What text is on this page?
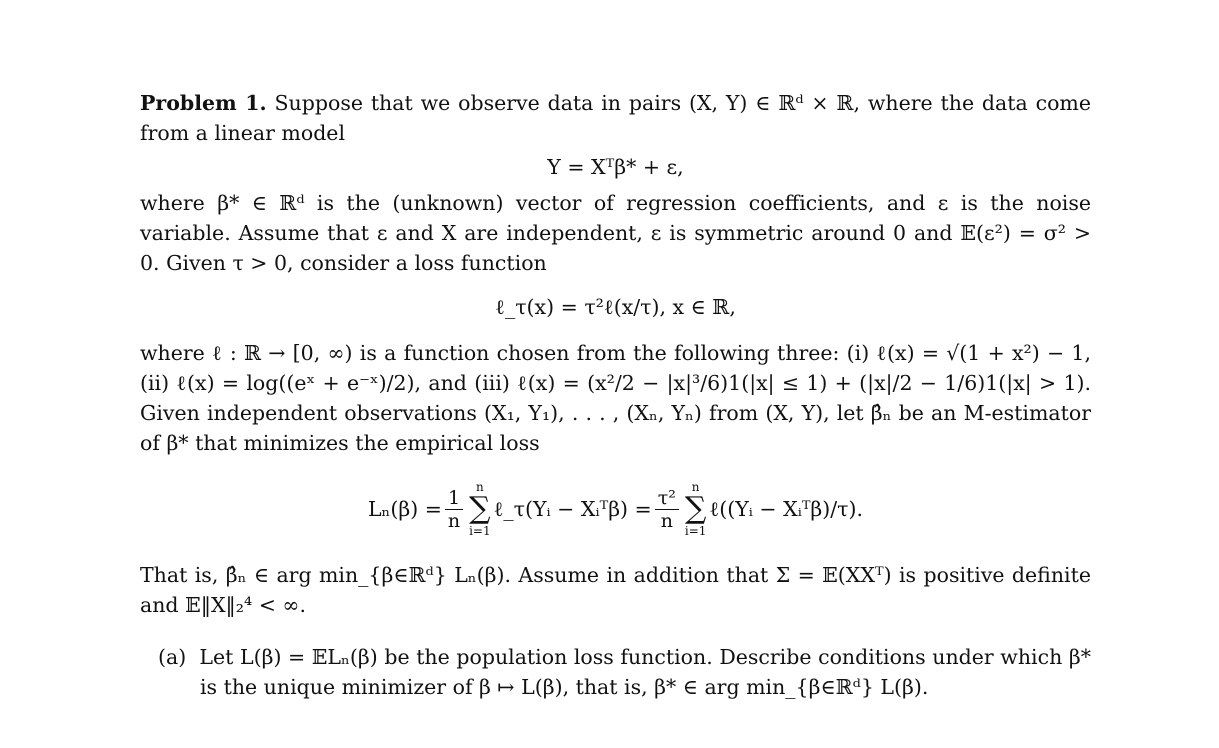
Problem 1. Suppose that we observe data in pairs (X, Y) ∈ ℝᵈ × ℝ, where the data come from a linear model

Y = Xᵀβ* + ε,

where β* ∈ ℝᵈ is the (unknown) vector of regression coefficients, and ε is the noise variable. Assume that ε and X are independent, ε is symmetric around 0 and 𝔼(ε²) = σ² > 0. Given τ > 0, consider a loss function

ℓ_τ(x) = τ²ℓ(x/τ), x ∈ ℝ,

where ℓ : ℝ → [0, ∞) is a function chosen from the following three: (i) ℓ(x) = √(1 + x²) − 1, (ii) ℓ(x) = log((eˣ + e⁻ˣ)/2), and (iii) ℓ(x) = (x²/2 − |x|³/6)1(|x| ≤ 1) + (|x|/2 − 1/6)1(|x| > 1). Given independent observations (X₁, Y₁), . . . , (Xₙ, Yₙ) from (X, Y), let β̂ₙ be an M-estimator of β* that minimizes the empirical loss

$L_n(\beta) = \frac{1}{n}$ n
∑
i=1
ℓ_τ(Yᵢ − Xᵢᵀβ) = $\frac{\text{τ²}}{n}$ n
∑
i=1
ℓ((Yᵢ − Xᵢᵀβ)/τ).

That is, β̂ₙ ∈ arg min_{β∈ℝᵈ} Lₙ(β). Assume in addition that Σ = 𝔼(XXᵀ) is positive definite and 𝔼‖X‖₂⁴ < ∞.

(a) Let L(β) = 𝔼Lₙ(β) be the population loss function. Describe conditions under which β* is the unique minimizer of β ↦ L(β), that is, β* ∈ arg min_{β∈ℝᵈ} L(β).
